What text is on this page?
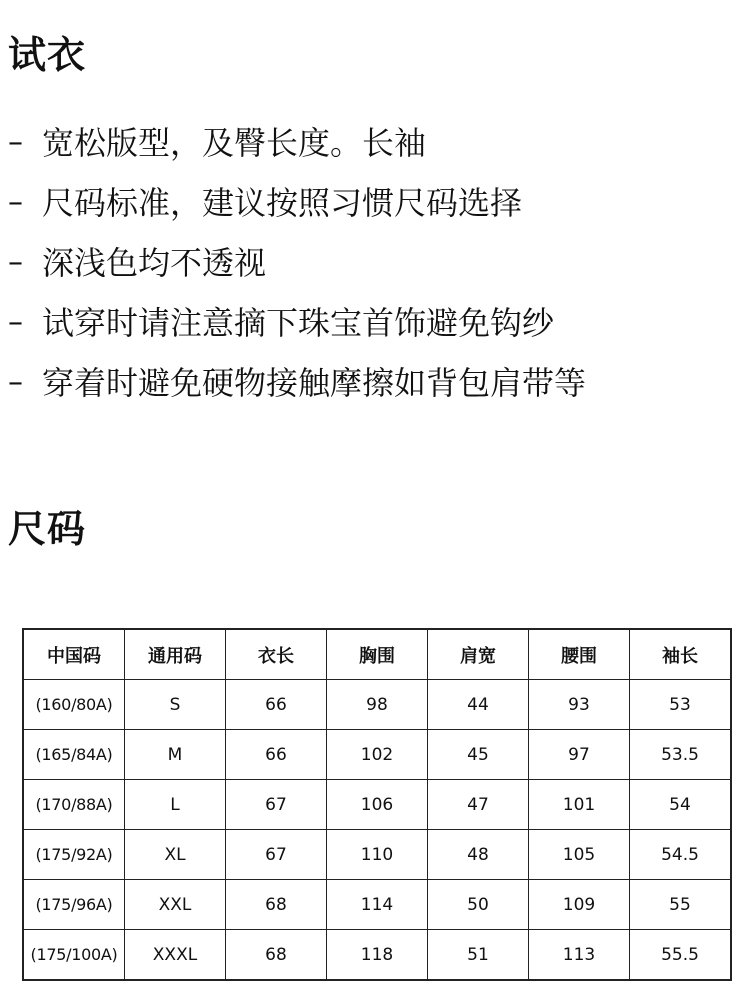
试衣
– 宽松版型，及臀长度。长袖
– 尺码标准，建议按照习惯尺码选择
– 深浅色均不透视
– 试穿时请注意摘下珠宝首饰避免钩纱
– 穿着时避免硬物接触摩擦如背包肩带等
尺码
中国码	通用码	衣长	胸围	肩宽	腰围	袖长
(160/80A)	S	66	98	44	93	53
(165/84A)	M	66	102	45	97	53.5
(170/88A)	L	67	106	47	101	54
(175/92A)	XL	67	110	48	105	54.5
(175/96A)	XXL	68	114	50	109	55
(175/100A)	XXXL	68	118	51	113	55.5
